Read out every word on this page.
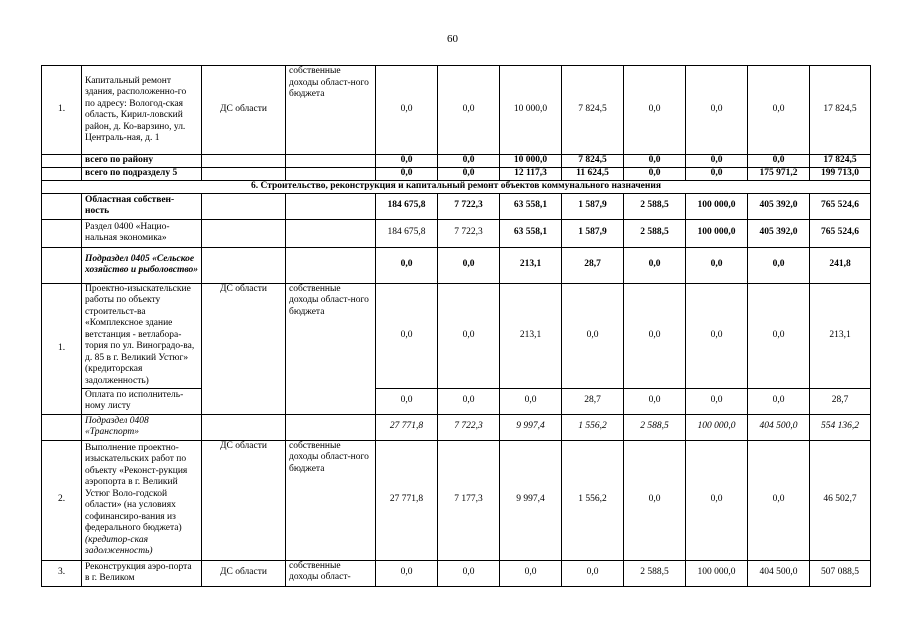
60
1.	Капитальный ремонт здания, расположенно-го по адресу: Вологод-ская область, Кирил-ловский район, д. Ко-варзино, ул. Централь-ная, д. 1	ДС области	собственные доходы област-ного бюджета	0,0	0,0	10 000,0	7 824,5	0,0	0,0	0,0	17 824,5
	всего по району			0,0	0,0	10 000,0	7 824,5	0,0	0,0	0,0	17 824,5
	всего по подразделу 5			0,0	0,0	12 117,3	11 624,5	0,0	0,0	175 971,2	199 713,0
6. Строительство, реконструкция и капитальный ремонт объектов коммунального назначения											
	Областная собствен-ность			184 675,8	7 722,3	63 558,1	1 587,9	2 588,5	100 000,0	405 392,0	765 524,6
	Раздел 0400 «Нацио-нальная экономика»			184 675,8	7 722,3	63 558,1	1 587,9	2 588,5	100 000,0	405 392,0	765 524,6
	Подраздел 0405 «Сельское хозяйство и рыболовство»			0,0	0,0	213,1	28,7	0,0	0,0	0,0	241,8
1.	Проектно-изыскательские работы по объекту строительст-ва «Комплексное здание ветстанция - ветлабора-тория по ул. Виноградо-ва, д. 85 в г. Великий Устюг» (кредиторская задолженность)	ДС области	собственные доходы област-ного бюджета	0,0	0,0	213,1	0,0	0,0	0,0	0,0	213,1
	Оплата по исполнитель-ному листу			0,0	0,0	0,0	28,7	0,0	0,0	0,0	28,7
	Подраздел 0408 «Транспорт»			27 771,8	7 722,3	9 997,4	1 556,2	2 588,5	100 000,0	404 500,0	554 136,2
2.	Выполнение проектно-изыскательских работ по объекту «Реконст-рукция аэропорта в г. Великий Устюг Воло-годской области» (на условиях софинансиро-вания из федерального бюджета) (кредитор-ская задолженность)	ДС области	собственные доходы област-ного бюджета	27 771,8	7 177,3	9 997,4	1 556,2	0,0	0,0	0,0	46 502,7
3.	Реконструкция аэро-порта в г. Великом	ДС области	собственные доходы област-	0,0	0,0	0,0	0,0	2 588,5	100 000,0	404 500,0	507 088,5
